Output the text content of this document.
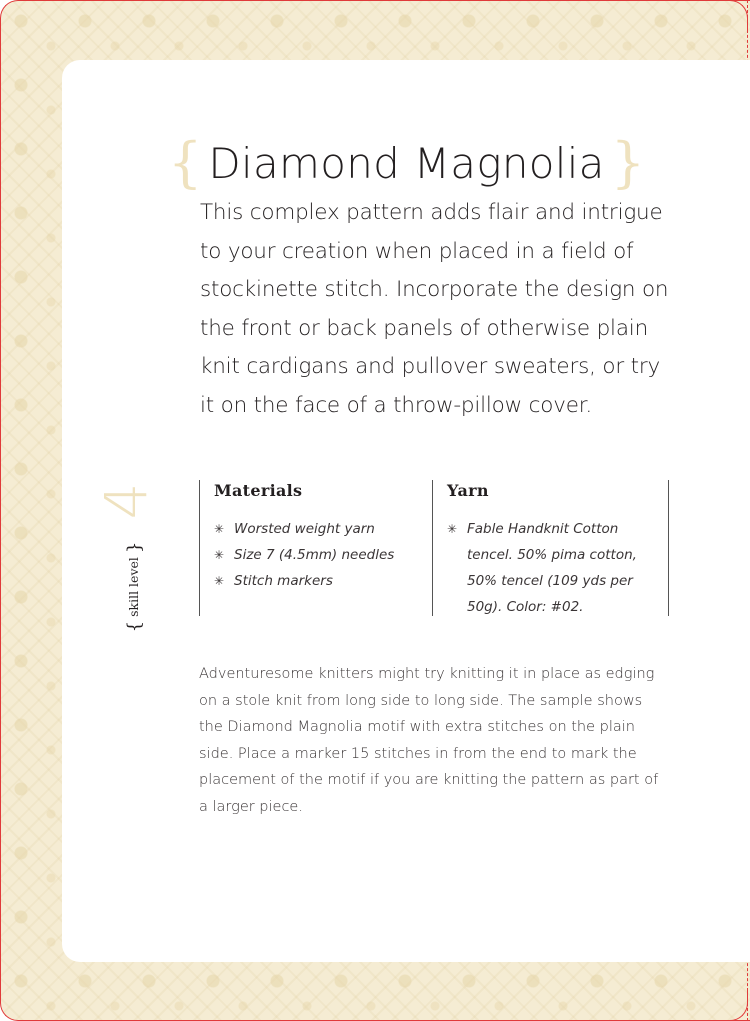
{ Diamond Magnolia }

This complex pattern adds flair and intrigue to your creation when placed in a field of stockinette stitch. Incorporate the design on the front or back panels of otherwise plain knit cardigans and pullover sweaters, or try it on the face of a throw-pillow cover.

4
{ skill level }
Materials
✳ Worsted weight yarn
✳ Size 7 (4.5mm) needles
✳ Stitch markers
Yarn

✳ Fable Handknit Cotton tencel. 50% pima cotton, 50% tencel (109 yds per 50g). Color: #02.

Adventuresome knitters might try knitting it in place as edging on a stole knit from long side to long side. The sample shows the Diamond Magnolia motif with extra stitches on the plain side. Place a marker 15 stitches in from the end to mark the placement of the motif if you are knitting the pattern as part of a larger piece.
